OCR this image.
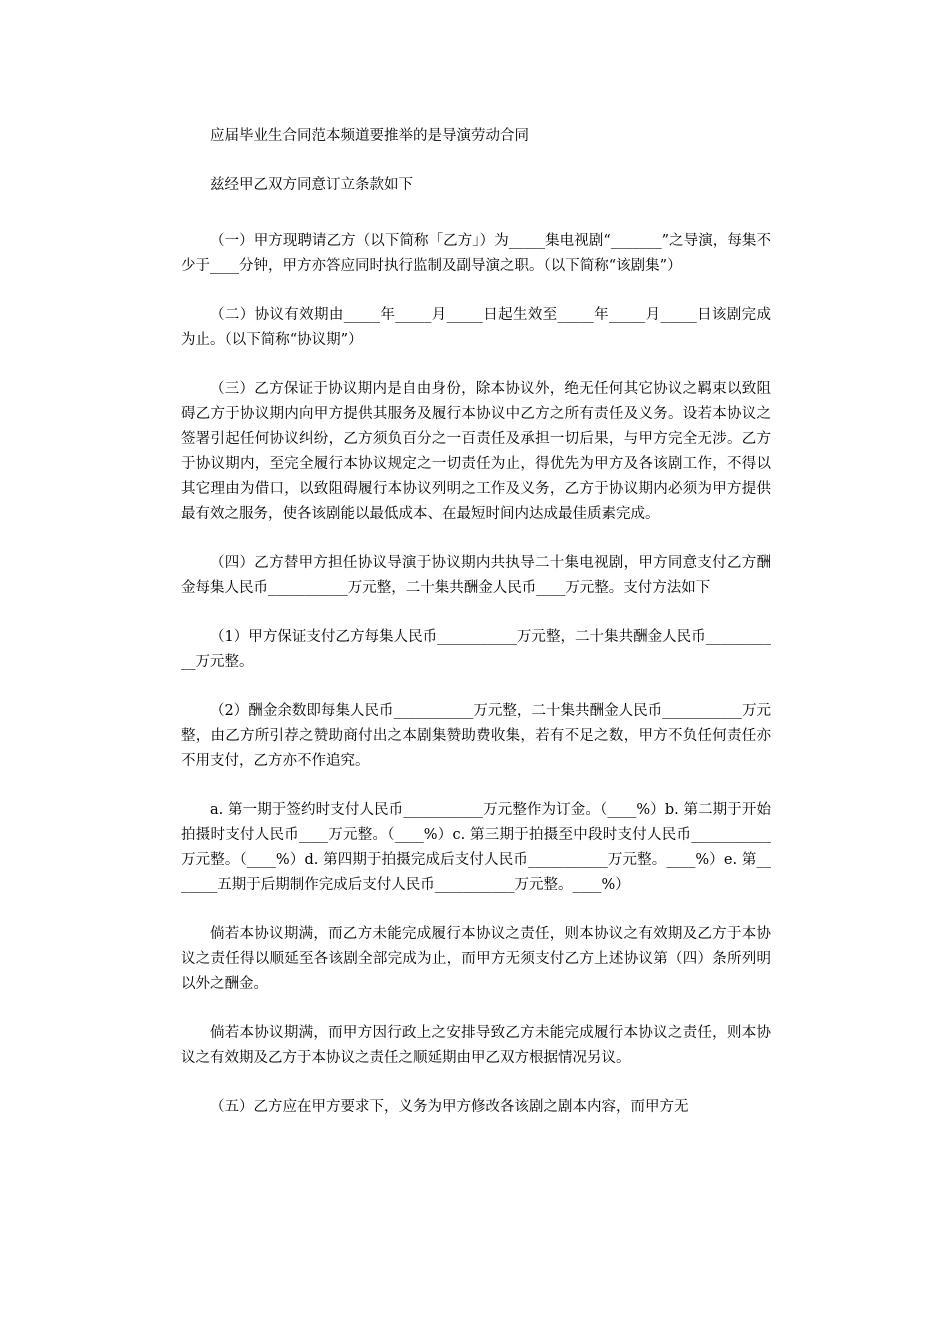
应届毕业生合同范本频道要推举的是导演劳动合同

兹经甲乙双方同意订立条款如下

（一）甲方现聘请乙方（以下简称「乙方」）为_____集电视剧“_______”之导演，每集不少于____分钟，甲方亦答应同时执行监制及副导演之职。（以下简称“该剧集”）

（二）协议有效期由_____年_____月_____日起生效至_____年_____月_____日该剧完成为止。（以下简称“协议期”）

（三）乙方保证于协议期内是自由身份，除本协议外，绝无任何其它协议之羁束以致阻碍乙方于协议期内向甲方提供其服务及履行本协议中乙方之所有责任及义务。设若本协议之签署引起任何协议纠纷，乙方须负百分之一百责任及承担一切后果，与甲方完全无涉。乙方于协议期内，至完全履行本协议规定之一切责任为止，得优先为甲方及各该剧工作，不得以其它理由为借口，以致阻碍履行本协议列明之工作及义务，乙方于协议期内必须为甲方提供最有效之服务，使各该剧能以最低成本、在最短时间内达成最佳质素完成。

（四）乙方替甲方担任协议导演于协议期内共执导二十集电视剧，甲方同意支付乙方酬金每集人民币___________万元整，二十集共酬金人民币____万元整。支付方法如下

（1）甲方保证支付乙方每集人民币___________万元整，二十集共酬金人民币___________万元整。

（2）酬金余数即每集人民币___________万元整，二十集共酬金人民币___________万元整，由乙方所引荐之赞助商付出之本剧集赞助费收集，若有不足之数，甲方不负任何责任亦不用支付，乙方亦不作追究。

a. 第一期于签约时支付人民币___________万元整作为订金。（____%）b. 第二期于开始拍摄时支付人民币____万元整。（____%）c. 第三期于拍摄至中段时支付人民币___________万元整。（____%）d. 第四期于拍摄完成后支付人民币___________万元整。____%）e. 第_______五期于后期制作完成后支付人民币___________万元整。____%）

倘若本协议期满，而乙方未能完成履行本协议之责任，则本协议之有效期及乙方于本协议之责任得以顺延至各该剧全部完成为止，而甲方无须支付乙方上述协议第（四）条所列明以外之酬金。

倘若本协议期满，而甲方因行政上之安排导致乙方未能完成履行本协议之责任，则本协议之有效期及乙方于本协议之责任之顺延期由甲乙双方根据情况另议。

（五）乙方应在甲方要求下，义务为甲方修改各该剧之剧本内容，而甲方无
